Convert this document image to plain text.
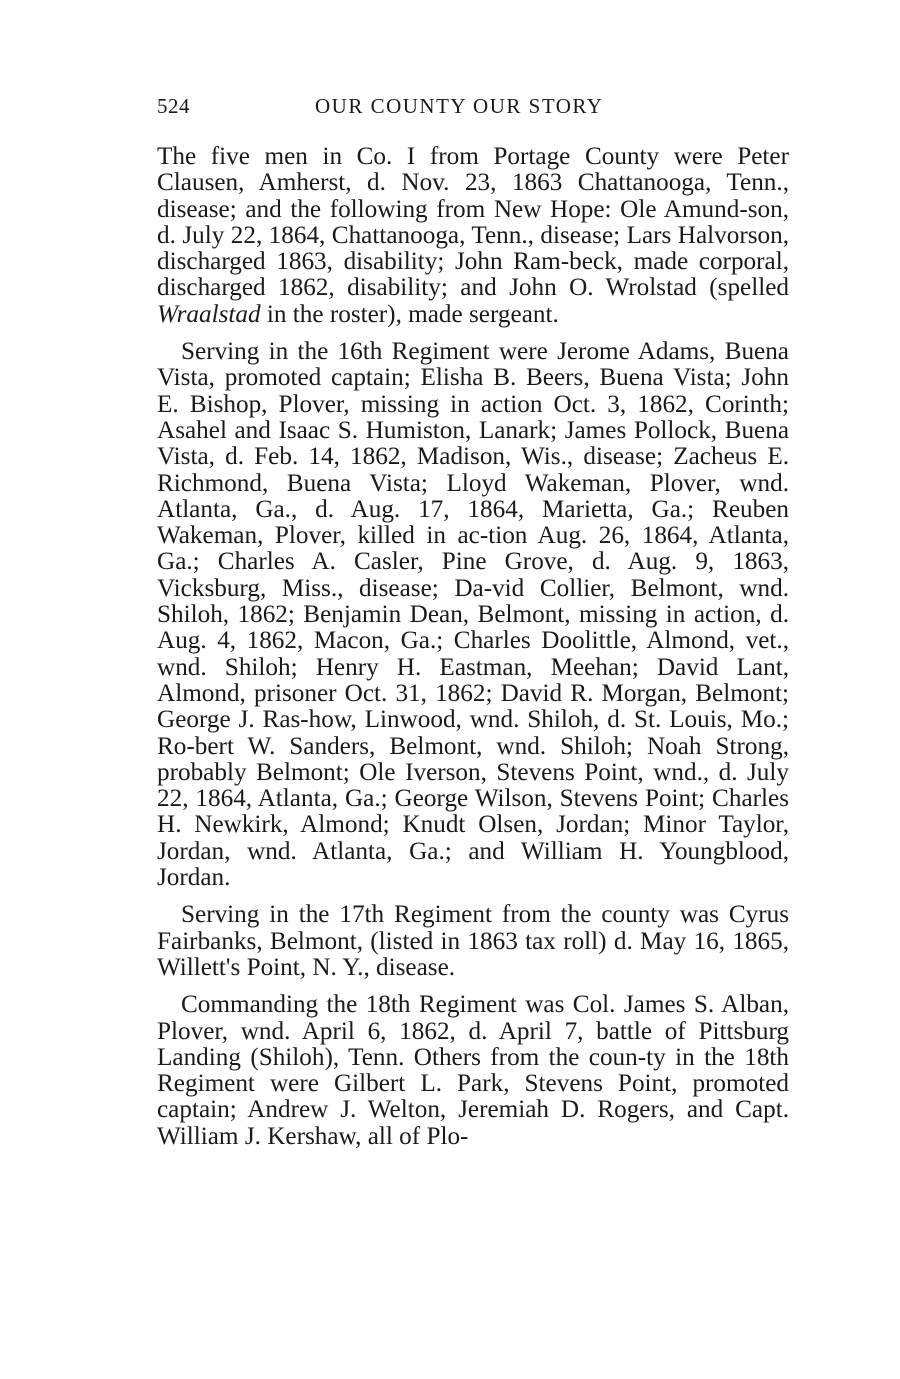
524	OUR COUNTY OUR STORY

The five men in Co. I from Portage County were Peter Clausen, Amherst, d. Nov. 23, 1863 Chattanooga, Tenn., disease; and the following from New Hope: Ole Amund-son, d. July 22, 1864, Chattanooga, Tenn., disease; Lars Halvorson, discharged 1863, disability; John Ram-beck, made corporal, discharged 1862, disability; and John O. Wrolstad (spelled Wraalstad in the roster), made sergeant.

Serving in the 16th Regiment were Jerome Adams, Buena Vista, promoted captain; Elisha B. Beers, Buena Vista; John E. Bishop, Plover, missing in action Oct. 3, 1862, Corinth; Asahel and Isaac S. Humiston, Lanark; James Pollock, Buena Vista, d. Feb. 14, 1862, Madison, Wis., disease; Zacheus E. Richmond, Buena Vista; Lloyd Wakeman, Plover, wnd. Atlanta, Ga., d. Aug. 17, 1864, Marietta, Ga.; Reuben Wakeman, Plover, killed in ac-tion Aug. 26, 1864, Atlanta, Ga.; Charles A. Casler, Pine Grove, d. Aug. 9, 1863, Vicksburg, Miss., disease; Da-vid Collier, Belmont, wnd. Shiloh, 1862; Benjamin Dean, Belmont, missing in action, d. Aug. 4, 1862, Macon, Ga.; Charles Doolittle, Almond, vet., wnd. Shiloh; Henry H. Eastman, Meehan; David Lant, Almond, prisoner Oct. 31, 1862; David R. Morgan, Belmont; George J. Ras-how, Linwood, wnd. Shiloh, d. St. Louis, Mo.; Ro-bert W. Sanders, Belmont, wnd. Shiloh; Noah Strong, probably Belmont; Ole Iverson, Stevens Point, wnd., d. July 22, 1864, Atlanta, Ga.; George Wilson, Stevens Point; Charles H. Newkirk, Almond; Knudt Olsen, Jordan; Minor Taylor, Jordan, wnd. Atlanta, Ga.; and William H. Youngblood, Jordan.

Serving in the 17th Regiment from the county was Cyrus Fairbanks, Belmont, (listed in 1863 tax roll) d. May 16, 1865, Willett's Point, N. Y., disease.

Commanding the 18th Regiment was Col. James S. Alban, Plover, wnd. April 6, 1862, d. April 7, battle of Pittsburg Landing (Shiloh), Tenn. Others from the coun-ty in the 18th Regiment were Gilbert L. Park, Stevens Point, promoted captain; Andrew J. Welton, Jeremiah D. Rogers, and Capt. William J. Kershaw, all of Plo-
